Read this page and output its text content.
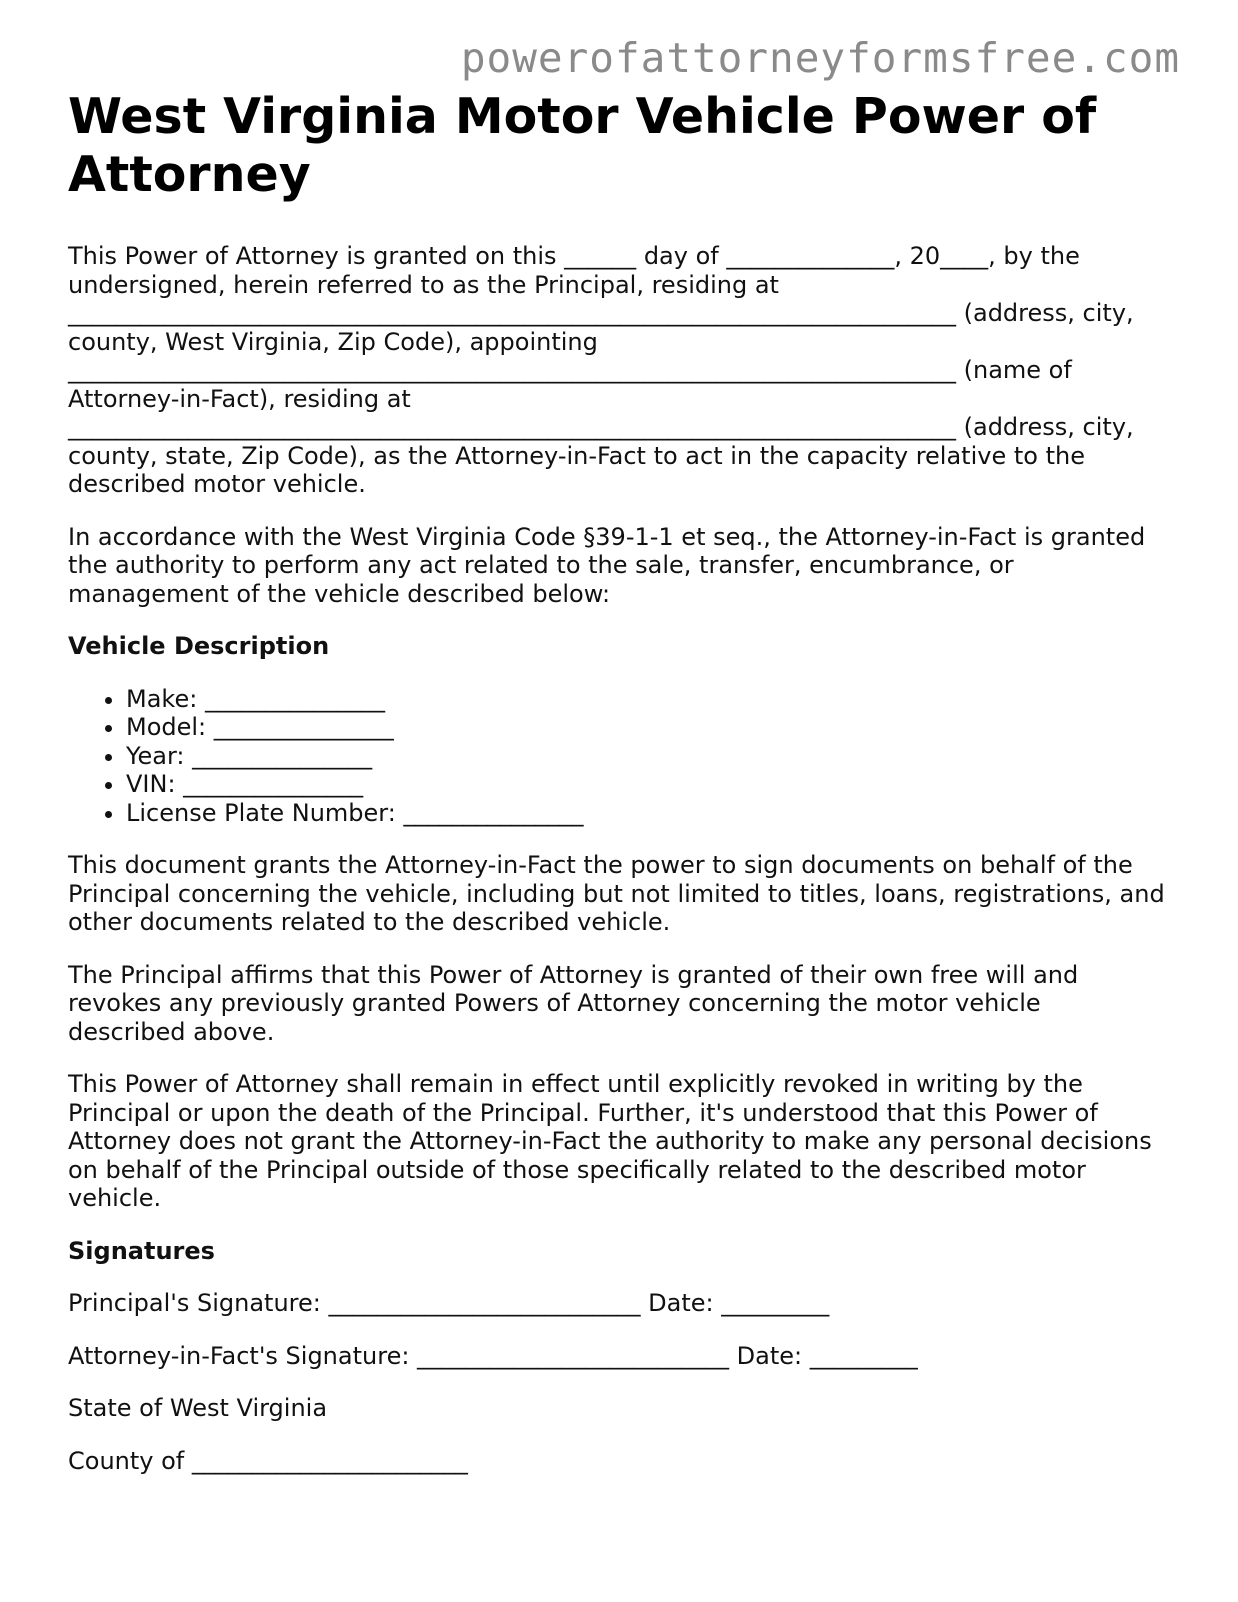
powerofattorneyformsfree.com
West Virginia Motor Vehicle Power of Attorney

This Power of Attorney is granted on this ______ day of ______________, 20____, by the
undersigned, herein referred to as the Principal, residing at
__________________________________________________________________________ (address, city,
county, West Virginia, Zip Code), appointing
__________________________________________________________________________ (name of
Attorney-in-Fact), residing at
__________________________________________________________________________ (address, city,
county, state, Zip Code), as the Attorney-in-Fact to act in the capacity relative to the
described motor vehicle.

In accordance with the West Virginia Code §39-1-1 et seq., the Attorney-in-Fact is granted
the authority to perform any act related to the sale, transfer, encumbrance, or
management of the vehicle described below:

Vehicle Description
• Make: _______________
• Model: _______________
• Year: _______________
• VIN: _______________
• License Plate Number: _______________

This document grants the Attorney-in-Fact the power to sign documents on behalf of the
Principal concerning the vehicle, including but not limited to titles, loans, registrations, and
other documents related to the described vehicle.

The Principal affirms that this Power of Attorney is granted of their own free will and
revokes any previously granted Powers of Attorney concerning the motor vehicle
described above.

This Power of Attorney shall remain in effect until explicitly revoked in writing by the
Principal or upon the death of the Principal. Further, it's understood that this Power of
Attorney does not grant the Attorney-in-Fact the authority to make any personal decisions
on behalf of the Principal outside of those specifically related to the described motor
vehicle.

Signatures

Principal's Signature: __________________________ Date: _________

Attorney-in-Fact's Signature: __________________________ Date: _________

State of West Virginia

County of _______________________
